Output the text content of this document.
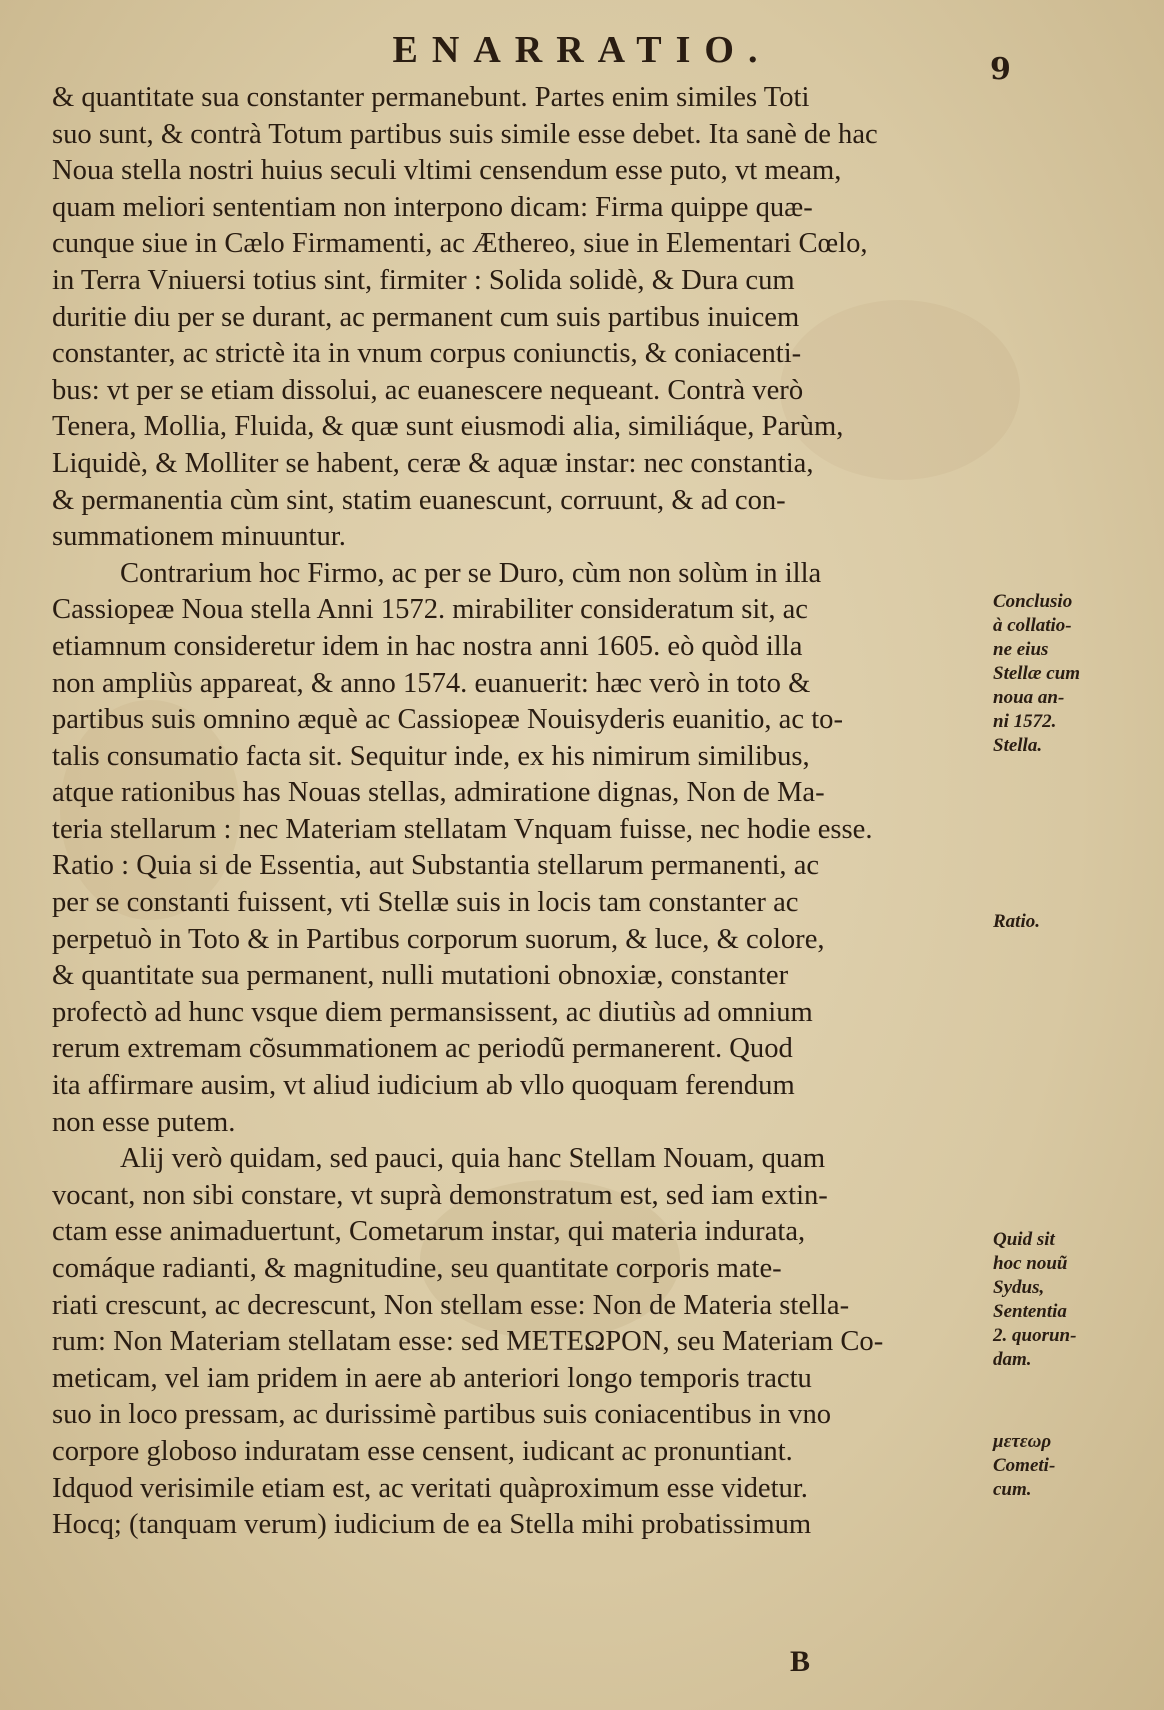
ENARRATIO.	9
& quantitate sua constanter permanebunt. Partes enim similes Toti
suo sunt, & contrà Totum partibus suis simile esse debet. Ita sanè de hac
Noua stella nostri huius seculi vltimi censendum esse puto, vt meam,
quam meliori sententiam non interpono dicam: Firma quippe quæ-
cunque siue in Cælo Firmamenti, ac Æthereo, siue in Elementari Cœlo,
in Terra Vniuersi totius sint, firmiter : Solida solidè, & Dura cum
duritie diu per se durant, ac permanent cum suis partibus inuicem
constanter, ac strictè ita in vnum corpus coniunctis, & coniacenti-
bus: vt per se etiam dissolui, ac euanescere nequeant. Contrà verò
Tenera, Mollia, Fluida, & quæ sunt eiusmodi alia, similiáque, Parùm,
Liquidè, & Molliter se habent, ceræ & aquæ instar: nec constantia,
& permanentia cùm sint, statim euanescunt, corruunt, & ad con-
summationem minuuntur.
Contrarium hoc Firmo, ac per se Duro, cùm non solùm in illa
Cassiopeæ Noua stella Anni 1572. mirabiliter consideratum sit, ac
etiamnum consideretur idem in hac nostra anni 1605. eò quòd illa
non ampliùs appareat, & anno 1574. euanuerit: hæc verò in toto &
partibus suis omnino æquè ac Cassiopeæ Nouisyderis euanitio, ac to-
talis consumatio facta sit. Sequitur inde, ex his nimirum similibus,
atque rationibus has Nouas stellas, admiratione dignas, Non de Ma-
teria stellarum : nec Materiam stellatam Vnquam fuisse, nec hodie esse.
Ratio : Quia si de Essentia, aut Substantia stellarum permanenti, ac
per se constanti fuissent, vti Stellæ suis in locis tam constanter ac
perpetuò in Toto & in Partibus corporum suorum, & luce, & colore,
& quantitate sua permanent, nulli mutationi obnoxiæ, constanter
profectò ad hunc vsque diem permansissent, ac diutiùs ad omnium
rerum extremam cõsummationem ac periodũ permanerent. Quod
ita affirmare ausim, vt aliud iudicium ab vllo quoquam ferendum
non esse putem.
Alij verò quidam, sed pauci, quia hanc Stellam Nouam, quam
vocant, non sibi constare, vt suprà demonstratum est, sed iam extin-
ctam esse animaduertunt, Cometarum instar, qui materia indurata,
comáque radianti, & magnitudine, seu quantitate corporis mate-
riati crescunt, ac decrescunt, Non stellam esse: Non de Materia stella-
rum: Non Materiam stellatam esse: sed ΜΕΤΕΩΡΟΝ, seu Materiam Co-
meticam, vel iam pridem in aere ab anteriori longo temporis tractu
suo in loco pressam, ac durissimè partibus suis coniacentibus in vno
corpore globoso induratam esse censent, iudicant ac pronuntiant.
Idquod verisimile etiam est, ac veritati quàproximum esse videtur.
Hocq; (tanquam verum) iudicium de ea Stella mihi probatissimum
Conclusio
à collatio-
ne eius
Stellæ cum
noua an-
ni 1572.
Stella.
Ratio.
Quid sit
hoc nouũ
Sydus,
Sententia
2. quorun-
dam.
μετεωρ
Cometi-
cum.
B
